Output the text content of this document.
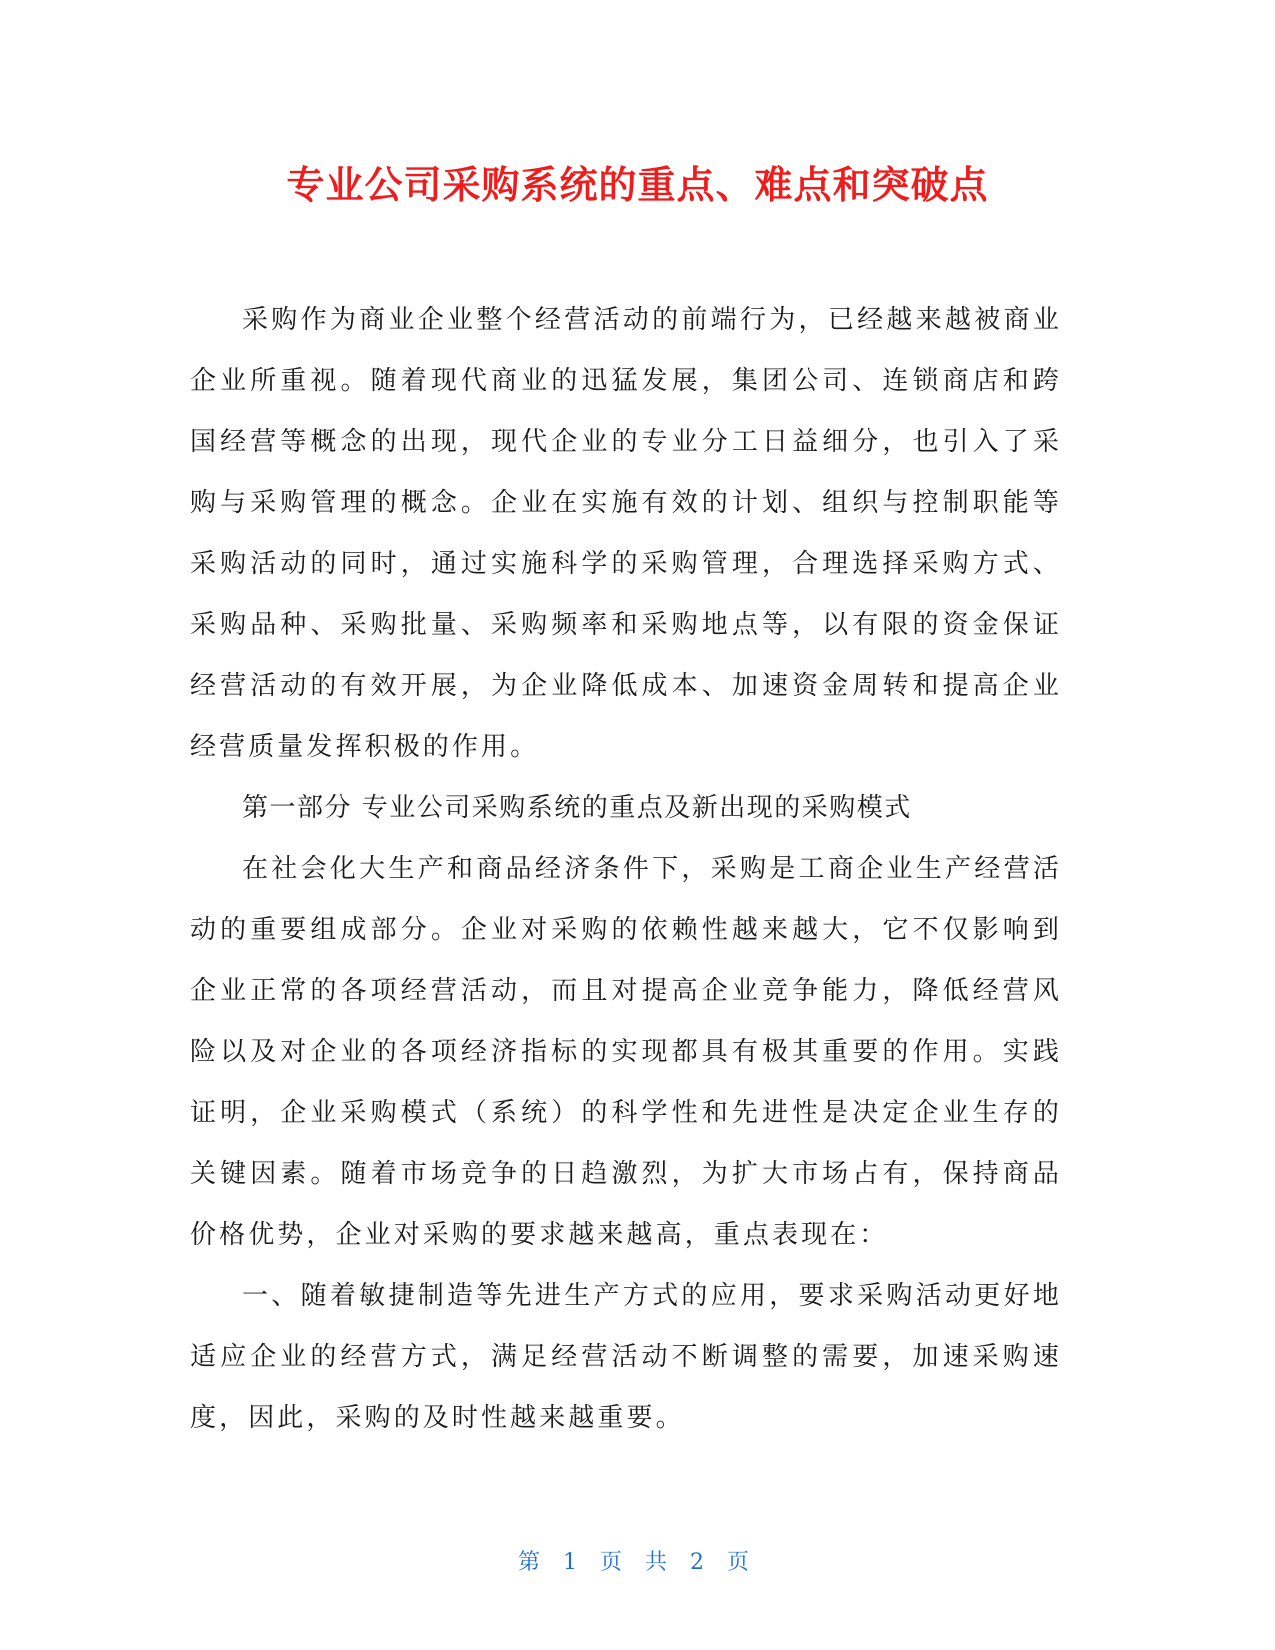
专业公司采购系统的重点、难点和突破点

采购作为商业企业整个经营活动的前端行为，已经越来越被商业企业所重视。随着现代商业的迅猛发展，集团公司、连锁商店和跨国经营等概念的出现，现代企业的专业分工日益细分，也引入了采购与采购管理的概念。企业在实施有效的计划、组织与控制职能等采购活动的同时，通过实施科学的采购管理，合理选择采购方式、采购品种、采购批量、采购频率和采购地点等，以有限的资金保证经营活动的有效开展，为企业降低成本、加速资金周转和提高企业经营质量发挥积极的作用。

第一部分 专业公司采购系统的重点及新出现的采购模式

在社会化大生产和商品经济条件下，采购是工商企业生产经营活动的重要组成部分。企业对采购的依赖性越来越大，它不仅影响到企业正常的各项经营活动，而且对提高企业竞争能力，降低经营风险以及对企业的各项经济指标的实现都具有极其重要的作用。实践证明，企业采购模式（系统）的科学性和先进性是决定企业生存的关键因素。随着市场竞争的日趋激烈，为扩大市场占有，保持商品价格优势，企业对采购的要求越来越高，重点表现在：

一、随着敏捷制造等先进生产方式的应用，要求采购活动更好地适应企业的经营方式，满足经营活动不断调整的需要，加速采购速度，因此，采购的及时性越来越重要。

第 1 页 共 2 页
